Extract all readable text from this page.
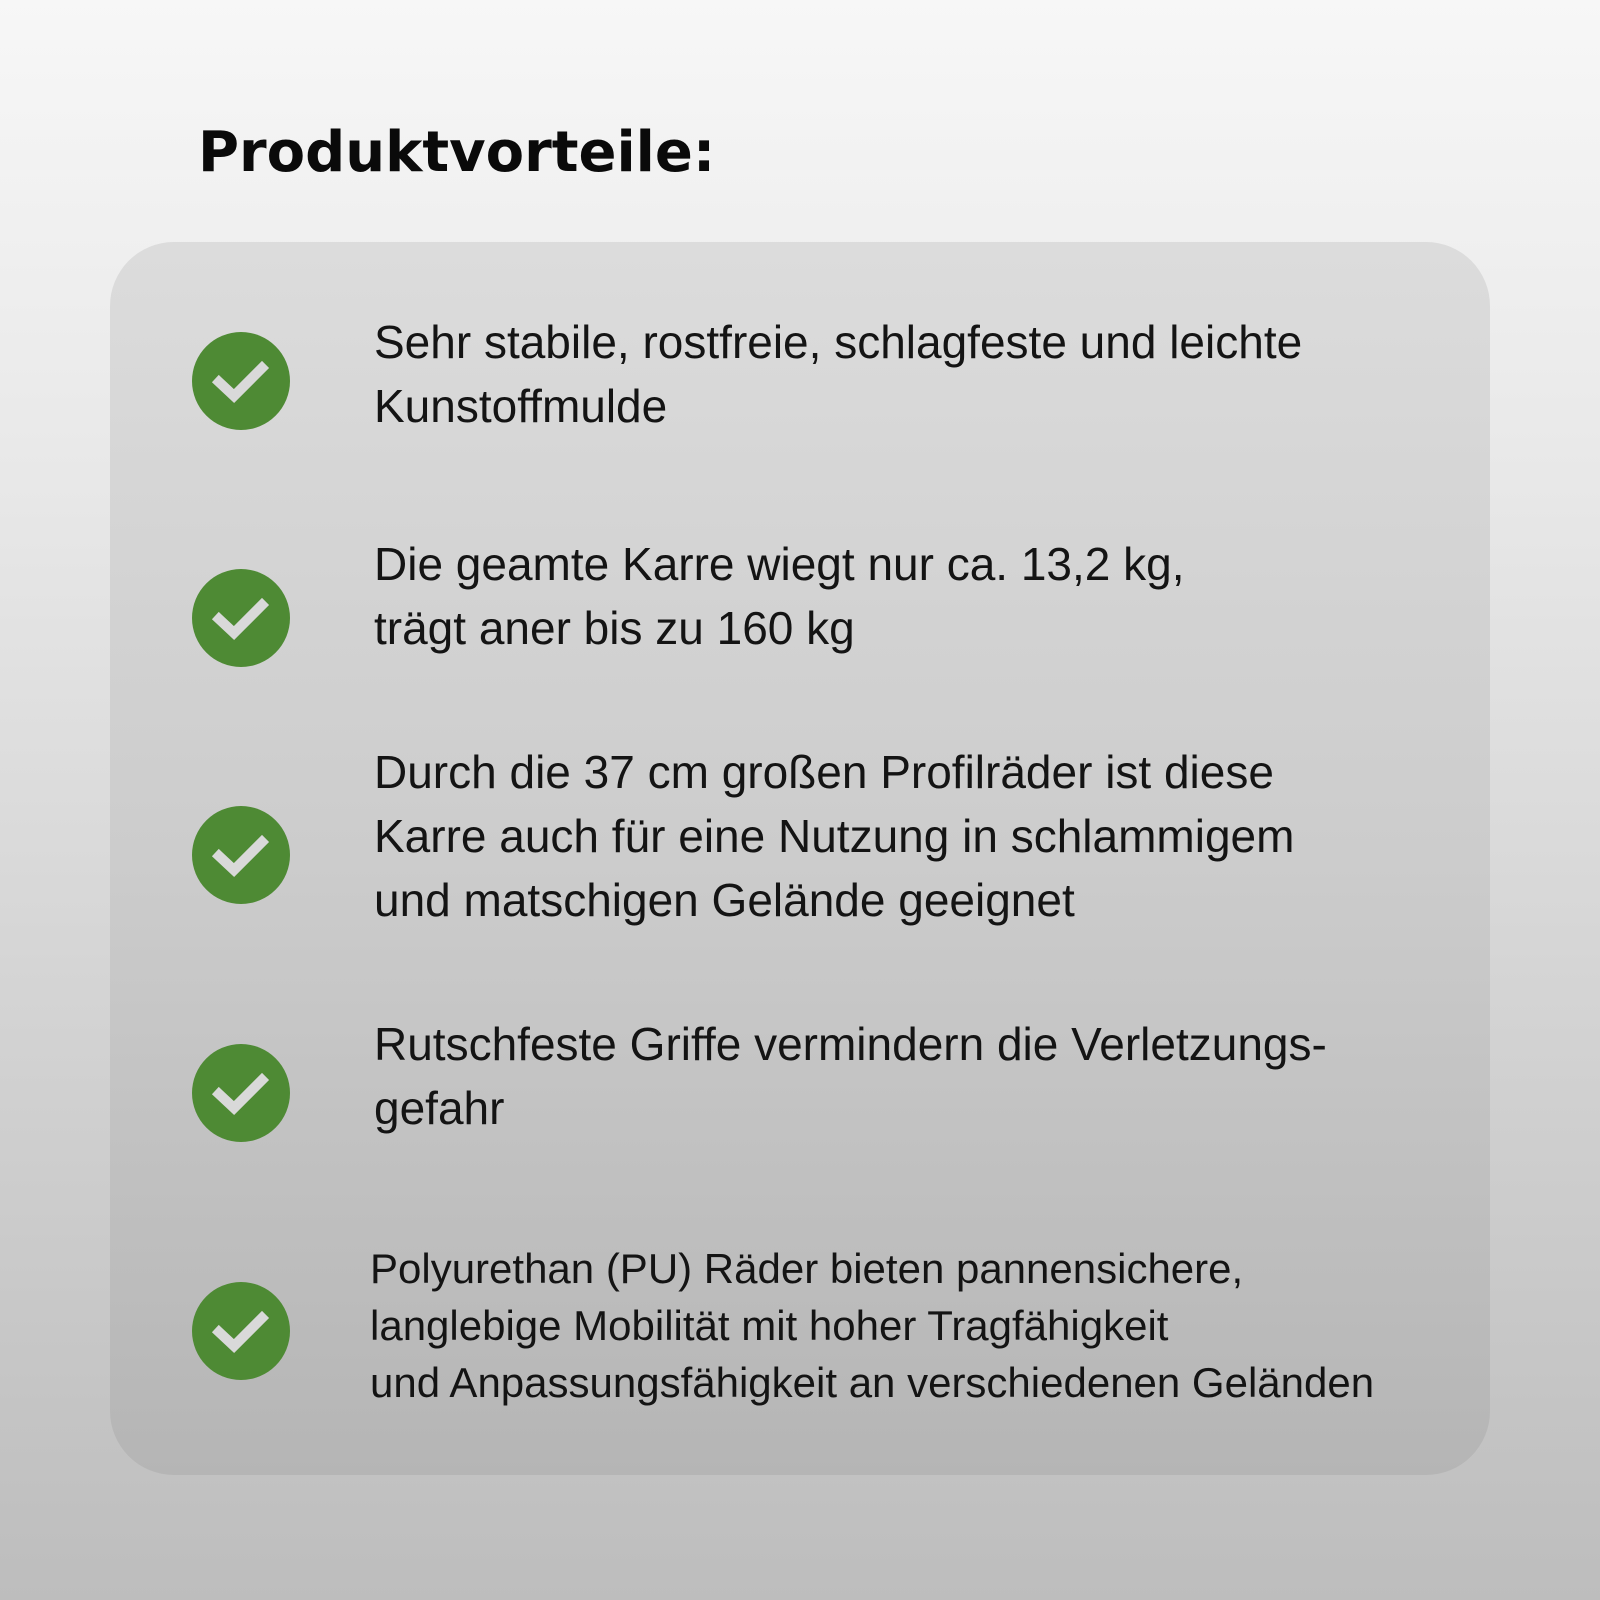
Produktvorteile:

Sehr stabile, rostfreie, schlagfeste und leichte
Kunstoffmulde

Die geamte Karre wiegt nur ca. 13,2 kg,
trägt aner bis zu 160 kg

Durch die 37 cm großen Profilräder ist diese
Karre auch für eine Nutzung in schlammigem
und matschigen Gelände geeignet

Rutschfeste Griffe vermindern die Verletzungs-
gefahr

Polyurethan (PU) Räder bieten pannensichere,
langlebige Mobilität mit hoher Tragfähigkeit
und Anpassungsfähigkeit an verschiedenen Geländen
